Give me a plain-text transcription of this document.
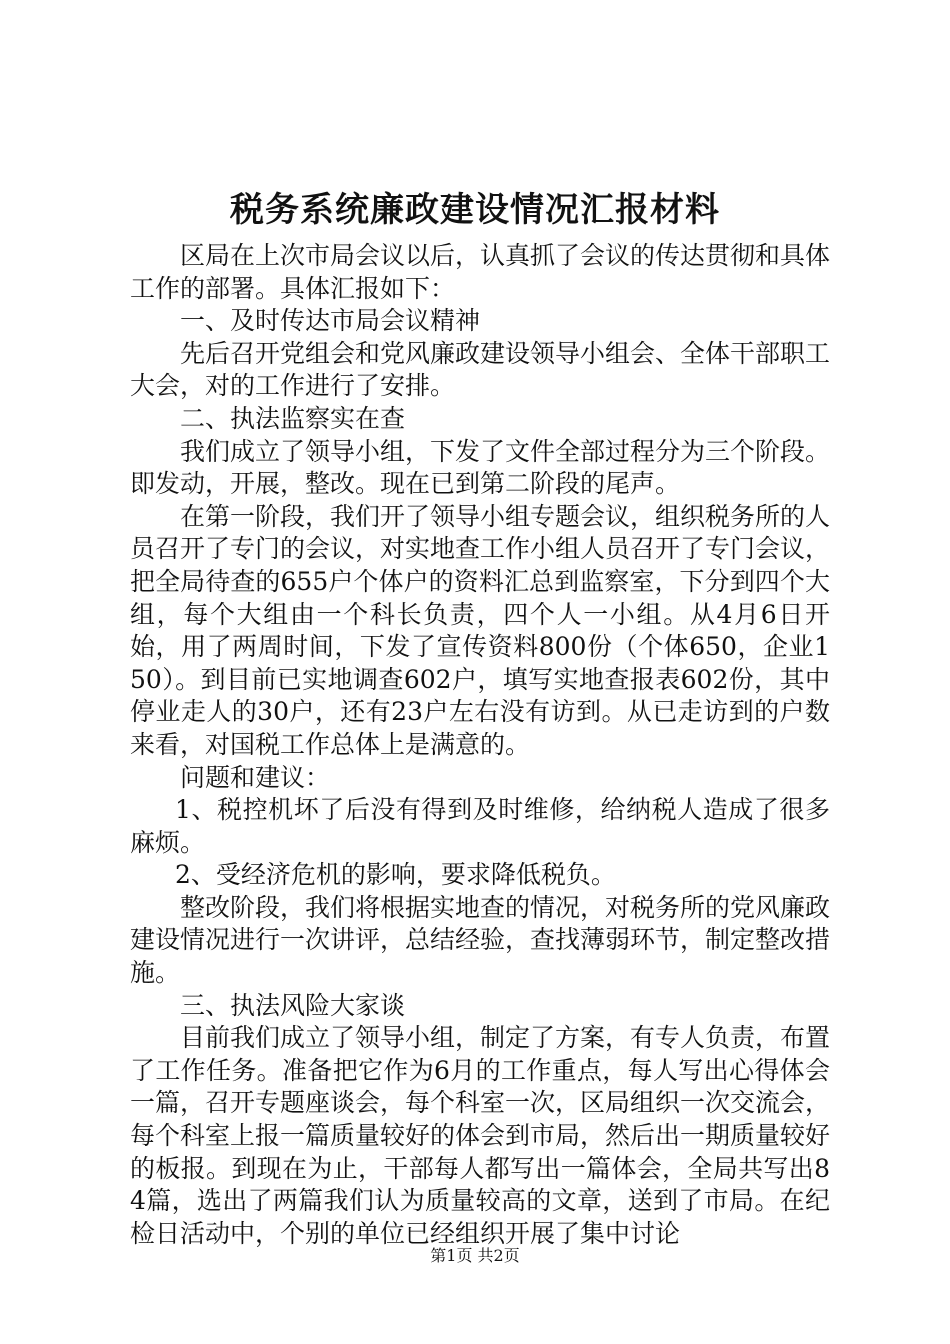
税务系统廉政建设情况汇报材料

区局在上次市局会议以后，认真抓了会议的传达贯彻和具体工作的部署。具体汇报如下：

一、及时传达市局会议精神

先后召开党组会和党风廉政建设领导小组会、全体干部职工大会，对的工作进行了安排。

二、执法监察实在查

我们成立了领导小组，下发了文件全部过程分为三个阶段。即发动，开展，整改。现在已到第二阶段的尾声。

在第一阶段，我们开了领导小组专题会议，组织税务所的人员召开了专门的会议，对实地查工作小组人员召开了专门会议，把全局待查的655户个体户的资料汇总到监察室，下分到四个大组，每个大组由一个科长负责，四个人一小组。从4月6日开始，用了两周时间，下发了宣传资料800份（个体650，企业150）。到目前已实地调查602户，填写实地查报表602份，其中停业走人的30户，还有23户左右没有访到。从已走访到的户数来看，对国税工作总体上是满意的。

问题和建议：

1、税控机坏了后没有得到及时维修，给纳税人造成了很多麻烦。

2、受经济危机的影响，要求降低税负。

整改阶段，我们将根据实地查的情况，对税务所的党风廉政建设情况进行一次讲评，总结经验，查找薄弱环节，制定整改措施。

三、执法风险大家谈

目前我们成立了领导小组，制定了方案，有专人负责，布置了工作任务。准备把它作为6月的工作重点，每人写出心得体会一篇，召开专题座谈会，每个科室一次，区局组织一次交流会，每个科室上报一篇质量较好的体会到市局，然后出一期质量较好的板报。到现在为止，干部每人都写出一篇体会，全局共写出84篇，选出了两篇我们认为质量较高的文章，送到了市局。在纪检日活动中，个别的单位已经组织开展了集中讨论

第1页 共2页
